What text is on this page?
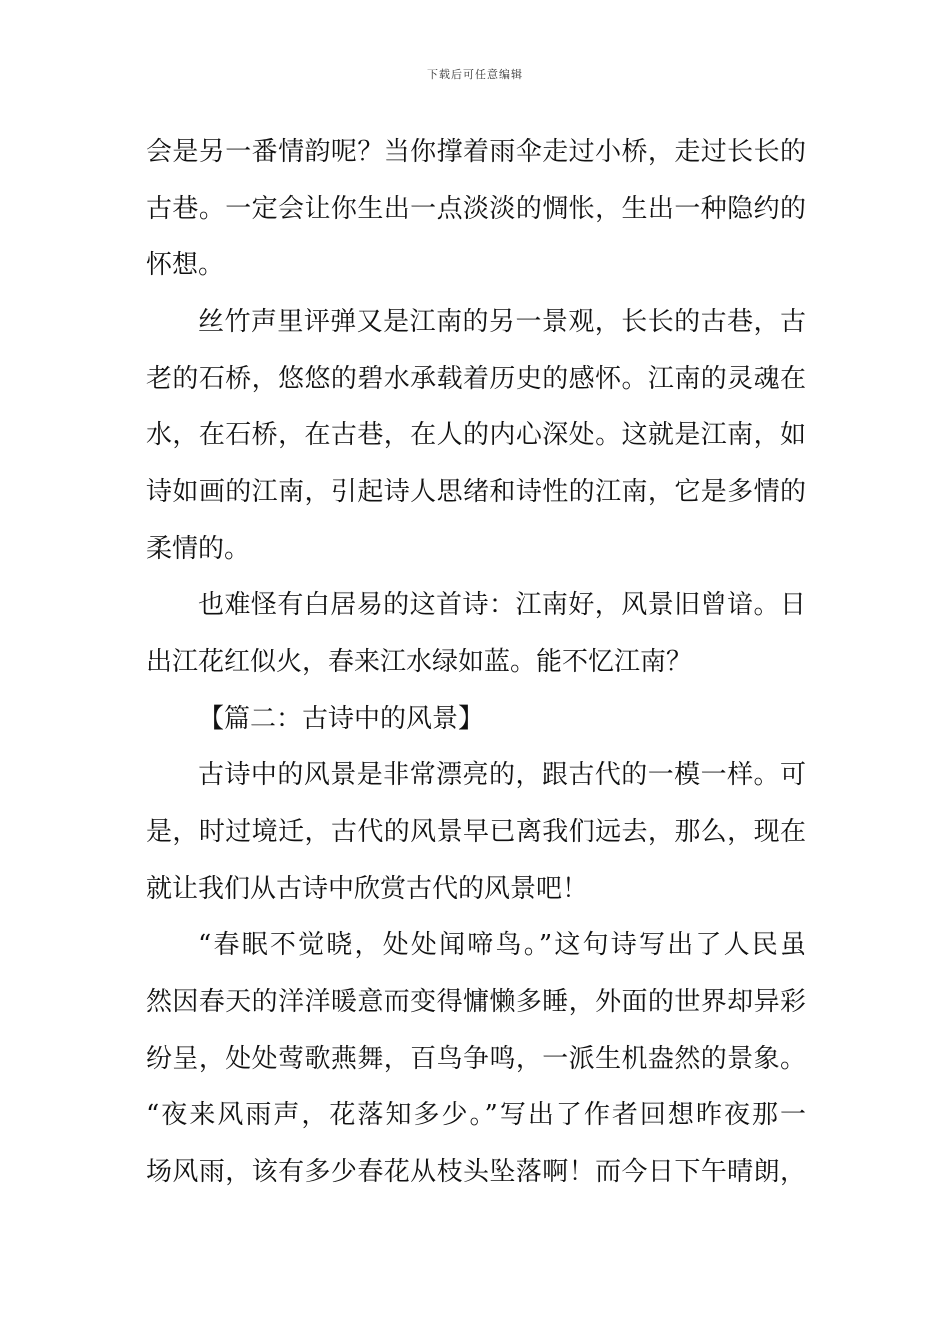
下载后可任意编辑
会是另一番情韵呢？当你撑着雨伞走过小桥，走过长长的
古巷。一定会让你生出一点淡淡的惆怅，生出一种隐约的
怀想。
丝竹声里评弹又是江南的另一景观，长长的古巷，古
老的石桥，悠悠的碧水承载着历史的感怀。江南的灵魂在
水，在石桥，在古巷，在人的内心深处。这就是江南，如
诗如画的江南，引起诗人思绪和诗性的江南，它是多情的
柔情的。
也难怪有白居易的这首诗：江南好，风景旧曾谙。日
出江花红似火，春来江水绿如蓝。能不忆江南？
【篇二：古诗中的风景】
古诗中的风景是非常漂亮的，跟古代的一模一样。可
是，时过境迁，古代的风景早已离我们远去，那么，现在
就让我们从古诗中欣赏古代的风景吧！
“春眠不觉晓，处处闻啼鸟。”这句诗写出了人民虽
然因春天的洋洋暖意而变得慵懒多睡，外面的世界却异彩
纷呈，处处莺歌燕舞，百鸟争鸣，一派生机盎然的景象。
“夜来风雨声，花落知多少。”写出了作者回想昨夜那一
场风雨，该有多少春花从枝头坠落啊！而今日下午晴朗，
